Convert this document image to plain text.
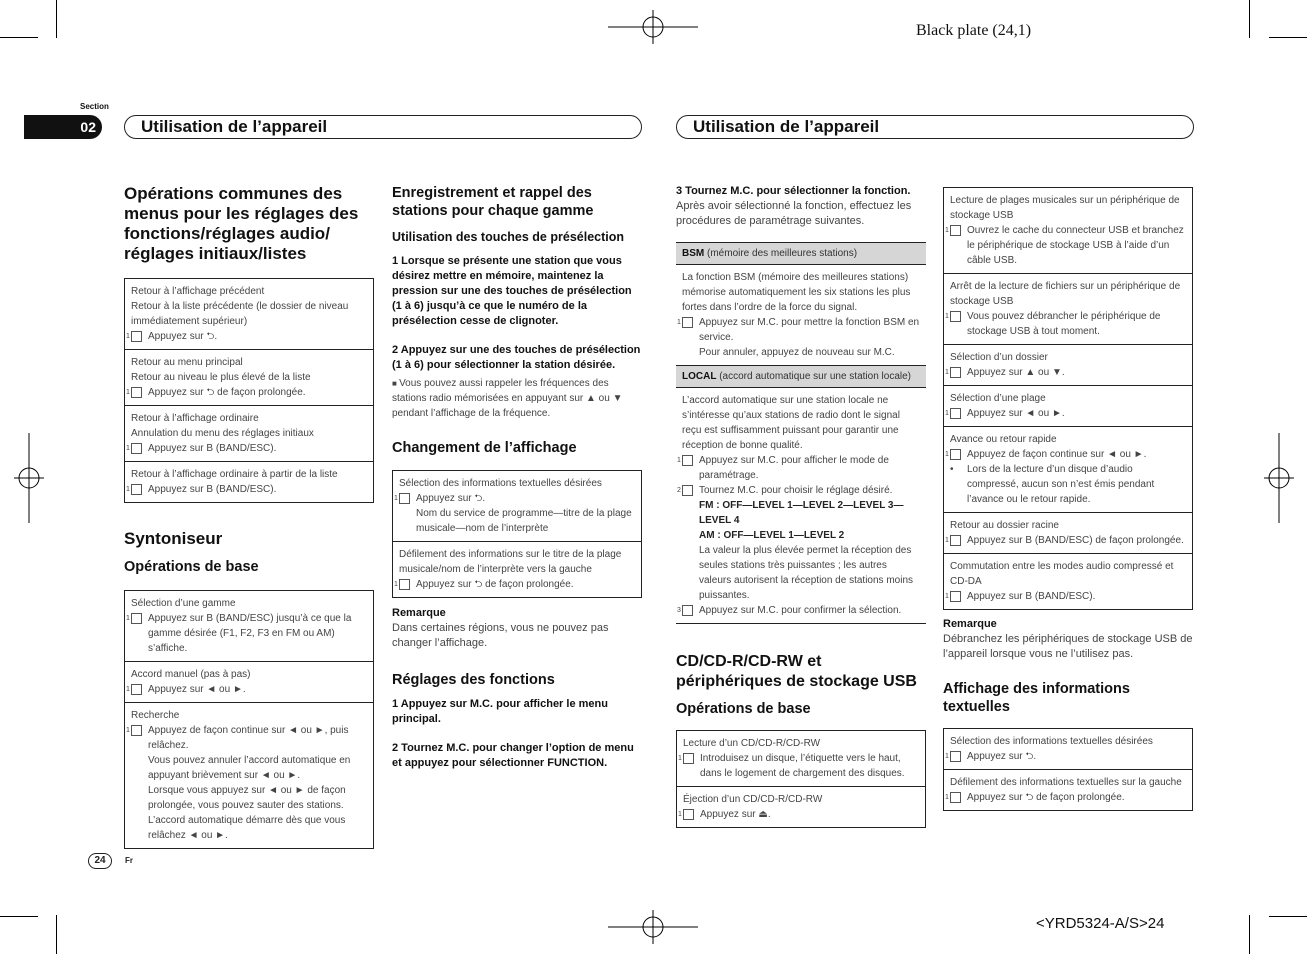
Black plate (24,1)
Section
02	Utilisation de l’appareil	Utilisation de l’appareil
Opérations communes des menus pour les réglages des fonctions/réglages audio/ réglages initiaux/listes
Retour à l’affichage précédent
Retour à la liste précédente (le dossier de niveau immédiatement supérieur)
1 Appuyez sur ⮌.
Retour au menu principal
Retour au niveau le plus élevé de la liste
1 Appuyez sur ⮌ de façon prolongée.
Retour à l’affichage ordinaire
Annulation du menu des réglages initiaux
1 Appuyez sur B (BAND/ESC).
Retour à l’affichage ordinaire à partir de la liste
1 Appuyez sur B (BAND/ESC).
Syntoniseur
Opérations de base
Sélection d’une gamme
1 Appuyez sur B (BAND/ESC) jusqu’à ce que la gamme désirée (F1, F2, F3 en FM ou AM) s’affiche.
Accord manuel (pas à pas)
1 Appuyez sur ◄ ou ►.
Recherche
1 Appuyez de façon continue sur ◄ ou ►, puis relâchez.
Vous pouvez annuler l’accord automatique en appuyant brièvement sur ◄ ou ►.
Lorsque vous appuyez sur ◄ ou ► de façon prolongée, vous pouvez sauter des stations. L’accord automatique démarre dès que vous relâchez ◄ ou ►.
Enregistrement et rappel des stations pour chaque gamme
Utilisation des touches de présélection
1 Lorsque se présente une station que vous désirez mettre en mémoire, maintenez la pression sur une des touches de présélection (1 à 6) jusqu’à ce que le numéro de la présélection cesse de clignoter.
2 Appuyez sur une des touches de présélection (1 à 6) pour sélectionner la station désirée.
■ Vous pouvez aussi rappeler les fréquences des stations radio mémorisées en appuyant sur ▲ ou ▼ pendant l’affichage de la fréquence.
Changement de l’affichage
Sélection des informations textuelles désirées
1 Appuyez sur ⮌.
Nom du service de programme—titre de la plage musicale—nom de l’interprète
Défilement des informations sur le titre de la plage musicale/nom de l’interprète vers la gauche
1 Appuyez sur ⮌ de façon prolongée.
Remarque
Dans certaines régions, vous ne pouvez pas changer l’affichage.
Réglages des fonctions
1 Appuyez sur M.C. pour afficher le menu principal.
2 Tournez M.C. pour changer l’option de menu et appuyez pour sélectionner FUNCTION.
3 Tournez M.C. pour sélectionner la fonction.
Après avoir sélectionné la fonction, effectuez les procédures de paramétrage suivantes.
BSM (mémoire des meilleures stations)
La fonction BSM (mémoire des meilleures stations) mémorise automatiquement les six stations les plus fortes dans l’ordre de la force du signal.
1 Appuyez sur M.C. pour mettre la fonction BSM en service.
Pour annuler, appuyez de nouveau sur M.C.
LOCAL (accord automatique sur une station locale)
L’accord automatique sur une station locale ne s’intéresse qu’aux stations de radio dont le signal reçu est suffisamment puissant pour garantir une réception de bonne qualité.
1 Appuyez sur M.C. pour afficher le mode de paramétrage.
2 Tournez M.C. pour choisir le réglage désiré.
FM : OFF—LEVEL 1—LEVEL 2—LEVEL 3—LEVEL 4
AM : OFF—LEVEL 1—LEVEL 2
La valeur la plus élevée permet la réception des seules stations très puissantes ; les autres valeurs autorisent la réception de stations moins puissantes.
3 Appuyez sur M.C. pour confirmer la sélection.
CD/CD-R/CD-RW et périphériques de stockage USB
Opérations de base
Lecture d’un CD/CD-R/CD-RW
1 Introduisez un disque, l’étiquette vers le haut, dans le logement de chargement des disques.
Éjection d’un CD/CD-R/CD-RW
1 Appuyez sur ⏏.
Lecture de plages musicales sur un périphérique de stockage USB
1 Ouvrez le cache du connecteur USB et branchez le périphérique de stockage USB à l’aide d’un câble USB.
Arrêt de la lecture de fichiers sur un périphérique de stockage USB
1 Vous pouvez débrancher le périphérique de stockage USB à tout moment.
Sélection d’un dossier
1 Appuyez sur ▲ ou ▼.
Sélection d’une plage
1 Appuyez sur ◄ ou ►.
Avance ou retour rapide
1 Appuyez de façon continue sur ◄ ou ►.
• Lors de la lecture d’un disque d’audio compressé, aucun son n’est émis pendant l’avance ou le retour rapide.
Retour au dossier racine
1 Appuyez sur B (BAND/ESC) de façon prolongée.
Commutation entre les modes audio compressé et CD-DA
1 Appuyez sur B (BAND/ESC).
Remarque
Débranchez les périphériques de stockage USB de l’appareil lorsque vous ne l’utilisez pas.
Affichage des informations textuelles
Sélection des informations textuelles désirées
1 Appuyez sur ⮌.
Défilement des informations textuelles sur la gauche
1 Appuyez sur ⮌ de façon prolongée.
24	Fr
<YRD5324-A/S>24
